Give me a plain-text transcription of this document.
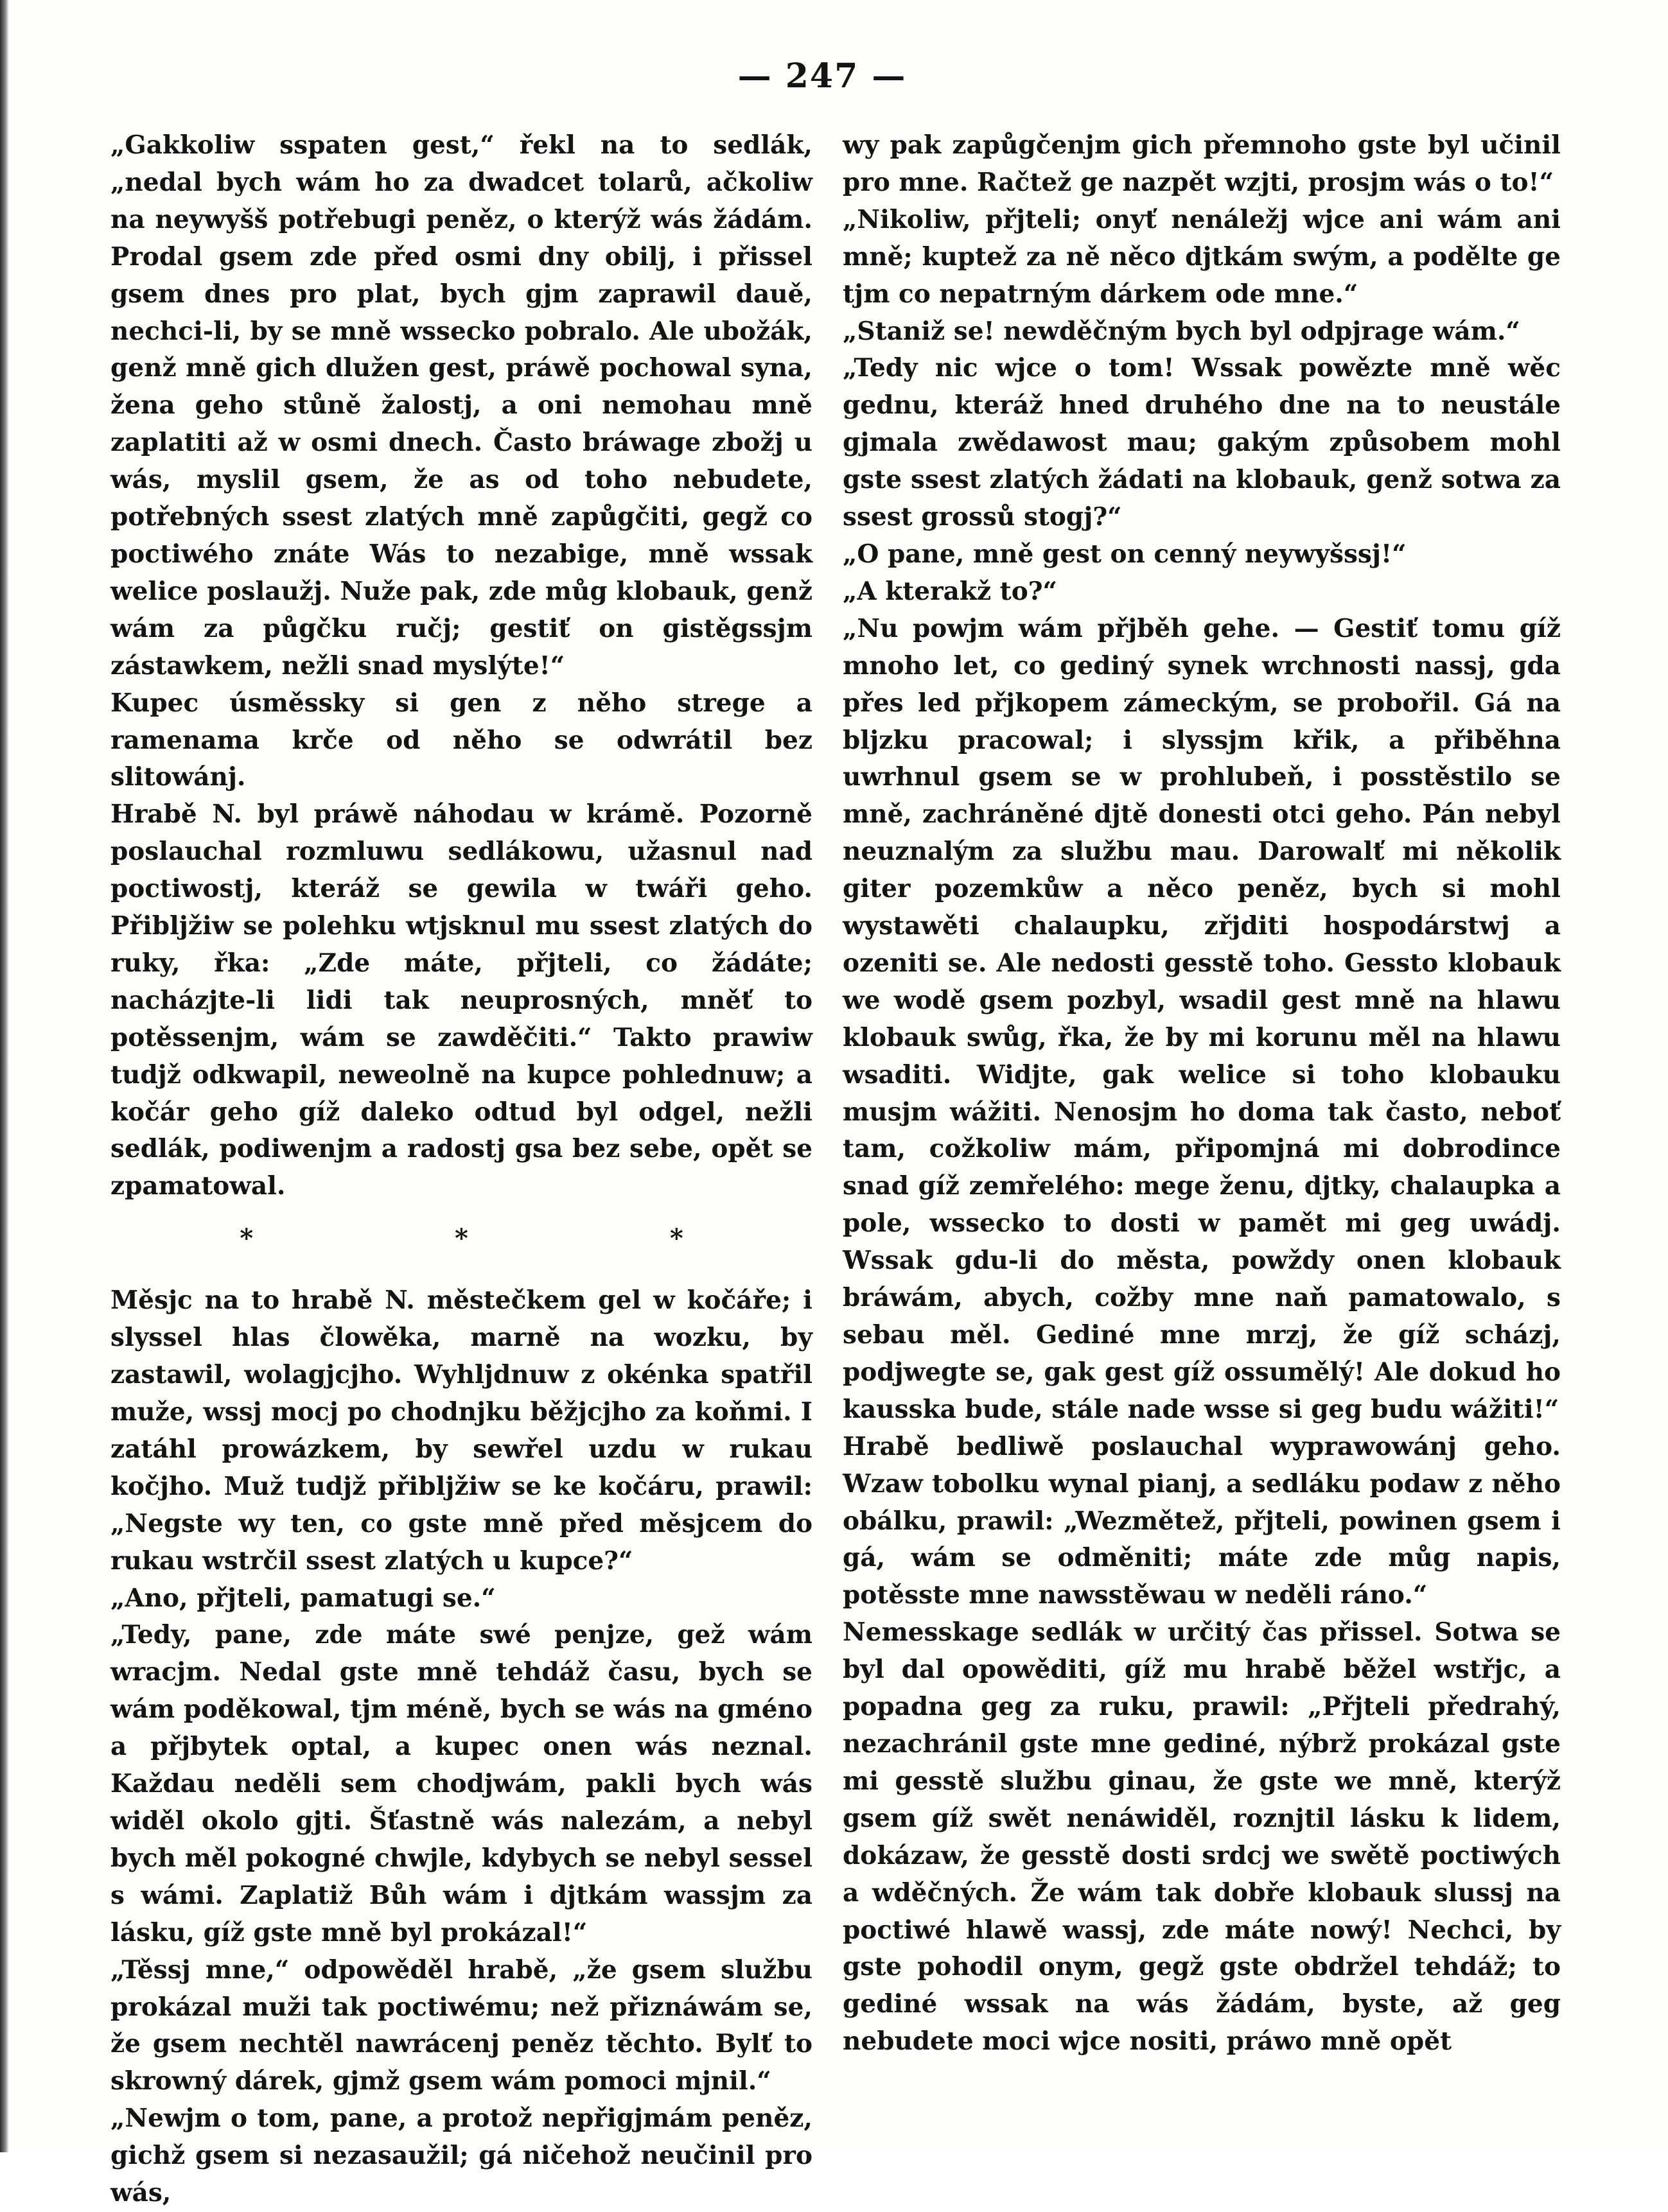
— 247 —

„Gakkoliw sspaten gest,“ řekl na to sedlák, „nedal bych wám ho za dwadcet tolarů, ačkoliw na neywyšš potřebugi peněz, o kterýž wás žádám. Prodal gsem zde před osmi dny obilj, i přissel gsem dnes pro plat, bych gjm zaprawil dauě, nechci-li, by se mně wssecko pobralo. Ale ubožák, genž mně gich dlužen gest, práwě pochowal syna, žena geho stůně žalostj, a oni nemohau mně zaplatiti až w osmi dnech. Často bráwage zbožj u wás, myslil gsem, že as od toho nebudete, potřebných ssest zlatých mně zapůgčiti, gegž co poctiwého znáte Wás to nezabige, mně wssak welice poslaužj. Nuže pak, zde můg klobauk, genž wám za půgčku ručj; gestiť on gistěgssjm zástawkem, nežli snad myslýte!“

Kupec úsměssky si gen z něho strege a ramenama krče od něho se odwrátil bez slitowánj.

Hrabě N. byl práwě náhodau w krámě. Pozorně poslauchal rozmluwu sedlákowu, užasnul nad poctiwostj, kteráž se gewila w twáři geho. Přibljžiw se polehku wtjsknul mu ssest zlatých do ruky, řka: „Zde máte, přjteli, co žádáte; nacházjte-li lidi tak neuprosných, mněť to potěssenjm, wám se zawděčiti.“ Takto prawiw tudjž odkwapil, neweolně na kupce pohlednuw; a kočár geho gíž daleko odtud byl odgel, nežli sedlák, podiwenjm a radostj gsa bez sebe, opět se zpamatowal.

* * *

Měsjc na to hrabě N. městečkem gel w kočáře; i slyssel hlas člowěka, marně na wozku, by zastawil, wolagjcjho. Wyhljdnuw z okénka spatřil muže, wssj mocj po chodnjku běžjcjho za koňmi. I zatáhl prowázkem, by sewřel uzdu w rukau kočjho. Muž tudjž přibljžiw se ke kočáru, prawil: „Negste wy ten, co gste mně před měsjcem do rukau wstrčil ssest zlatých u kupce?“

„Ano, přjteli, pamatugi se.“

„Tedy, pane, zde máte swé penjze, gež wám wracjm. Nedal gste mně tehdáž času, bych se wám poděkowal, tjm méně, bych se wás na gméno a přjbytek optal, a kupec onen wás neznal. Každau neděli sem chodjwám, pakli bych wás widěl okolo gjti. Šťastně wás nalezám, a nebyl bych měl pokogné chwjle, kdybych se nebyl sessel s wámi. Zaplatiž Bůh wám i djtkám wassjm za lásku, gíž gste mně byl prokázal!“

„Těssj mne,“ odpowěděl hrabě, „že gsem službu prokázal muži tak poctiwému; než přiznáwám se, že gsem nechtěl nawrácenj peněz těchto. Bylť to skrowný dárek, gjmž gsem wám pomoci mjnil.“

„Newjm o tom, pane, a protož nepřigjmám peněz, gichž gsem si nezasaužil; gá ničehož neučinil pro wás,

wy pak zapůgčenjm gich přemnoho gste byl učinil pro mne. Račtež ge nazpět wzjti, prosjm wás o to!“

„Nikoliw, přjteli; onyť nenáležj wjce ani wám ani mně; kuptež za ně něco djtkám swým, a podělte ge tjm co nepatrným dárkem ode mne.“

„Staniž se! newděčným bych byl odpjrage wám.“

„Tedy nic wjce o tom! Wssak powězte mně wěc gednu, kteráž hned druhého dne na to neustále gjmala zwědawost mau; gakým způsobem mohl gste ssest zlatých žádati na klobauk, genž sotwa za ssest grossů stogj?“

„O pane, mně gest on cenný neywyšssj!“

„A kterakž to?“

„Nu powjm wám přjběh gehe. — Gestiť tomu gíž mnoho let, co gediný synek wrchnosti nassj, gda přes led přjkopem zámeckým, se probořil. Gá na bljzku pracowal; i slyssjm křik, a přiběhna uwrhnul gsem se w prohlubeň, i posstěstilo se mně, zachráněné djtě donesti otci geho. Pán nebyl neuznalým za službu mau. Darowalť mi několik giter pozemkůw a něco peněz, bych si mohl wystawěti chalaupku, zřjditi hospodárstwj a ozeniti se. Ale nedosti gesstě toho. Gessto klobauk we wodě gsem pozbyl, wsadil gest mně na hlawu klobauk swůg, řka, že by mi korunu měl na hlawu wsaditi. Widjte, gak welice si toho klobauku musjm wážiti. Nenosjm ho doma tak často, neboť tam, cožkoliw mám, připomjná mi dobrodince snad gíž zemřelého: mege ženu, djtky, chalaupka a pole, wssecko to dosti w pamět mi geg uwádj. Wssak gdu-li do města, powždy onen klobauk bráwám, abych, cožby mne naň pamatowalo, s sebau měl. Gediné mne mrzj, že gíž scházj, podjwegte se, gak gest gíž ossumělý! Ale dokud ho kausska bude, stále nade wsse si geg budu wážiti!“

Hrabě bedliwě poslauchal wyprawowánj geho. Wzaw tobolku wynal pianj, a sedláku podaw z něho obálku, prawil: „Wezmětež, přjteli, powinen gsem i gá, wám se odměniti; máte zde můg napis, potěsste mne nawsstěwau w neděli ráno.“

Nemesskage sedlák w určitý čas přissel. Sotwa se byl dal opowěditi, gíž mu hrabě běžel wstřjc, a popadna geg za ruku, prawil: „Přjteli předrahý, nezachránil gste mne gediné, nýbrž prokázal gste mi gesstě službu ginau, že gste we mně, kterýž gsem gíž swět nenáwiděl, roznjtil lásku k lidem, dokázaw, že gesstě dosti srdcj we swětě poctiwých a wděčných. Že wám tak dobře klobauk slussj na poctiwé hlawě wassj, zde máte nowý! Nechci, by gste pohodil onym, gegž gste obdržel tehdáž; to gediné wssak na wás žádám, byste, až geg nebudete moci wjce nositi, práwo mně opět
